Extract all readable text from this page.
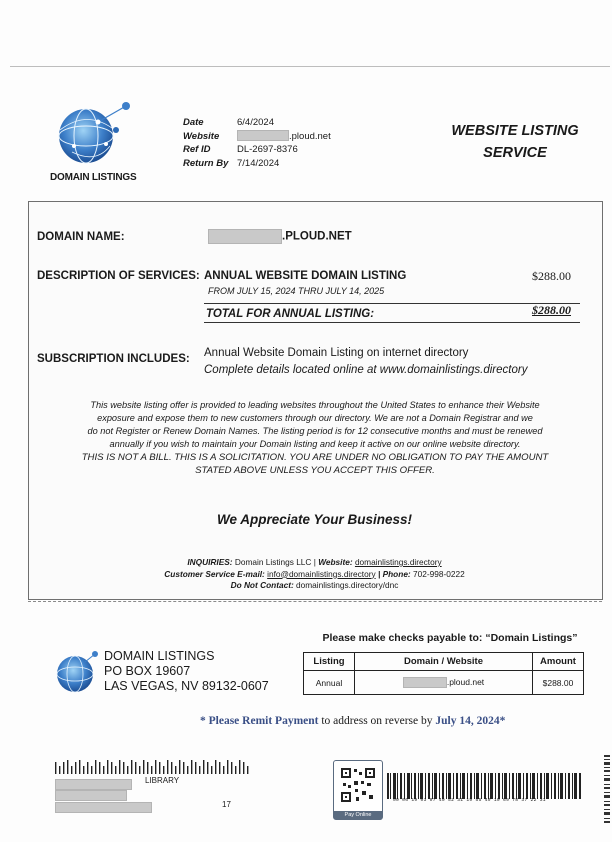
DOMAIN LISTINGS
Date	6/4/2024
Website	.ploud.net
Ref ID	DL-2697-8376
Return By 7/14/2024
WEBSITE LISTING
SERVICE
DOMAIN NAME:	.PLOUD.NET
DESCRIPTION OF SERVICES: ANNUAL WEBSITE DOMAIN LISTING
FROM JULY 15, 2024 THRU JULY 14, 2025
$288.00
TOTAL FOR ANNUAL LISTING:	$288.00
SUBSCRIPTION INCLUDES: Annual Website Domain Listing on internet directory
Complete details located online at www.domainlistings.directory
This website listing offer is provided to leading websites throughout the United States to enhance their Website
exposure and expose them to new customers through our directory. We are not a Domain Registrar and we
do not Register or Renew Domain Names. The listing period is for 12 consecutive months and must be renewed
annually if you wish to maintain your Domain listing and keep it active on our online website directory.
THIS IS NOT A BILL. THIS IS A SOLICITATION. YOU ARE UNDER NO OBLIGATION TO PAY THE AMOUNT
STATED ABOVE UNLESS YOU ACCEPT THIS OFFER.
We Appreciate Your Business!
INQUIRIES: Domain Listings LLC | Website: domainlistings.directory
Customer Service E-mail: info@domainlistings.directory | Phone: 702-998-0222
Do Not Contact: domainlistings.directory/dnc
Please make checks payable to: “Domain Listings”
DOMAIN LISTINGS
PO BOX 19607
LAS VEGAS, NV 89132-0607
Listing	Domain / Website	Amount
Annual	.ploud.net	$288.00
* Please Remit Payment to address on reverse by July 14, 2024*
LIBRARY
17
Pay Online
00 06 19 03 07 40 52 31 19 55 49 10 69 78 37 22 31
